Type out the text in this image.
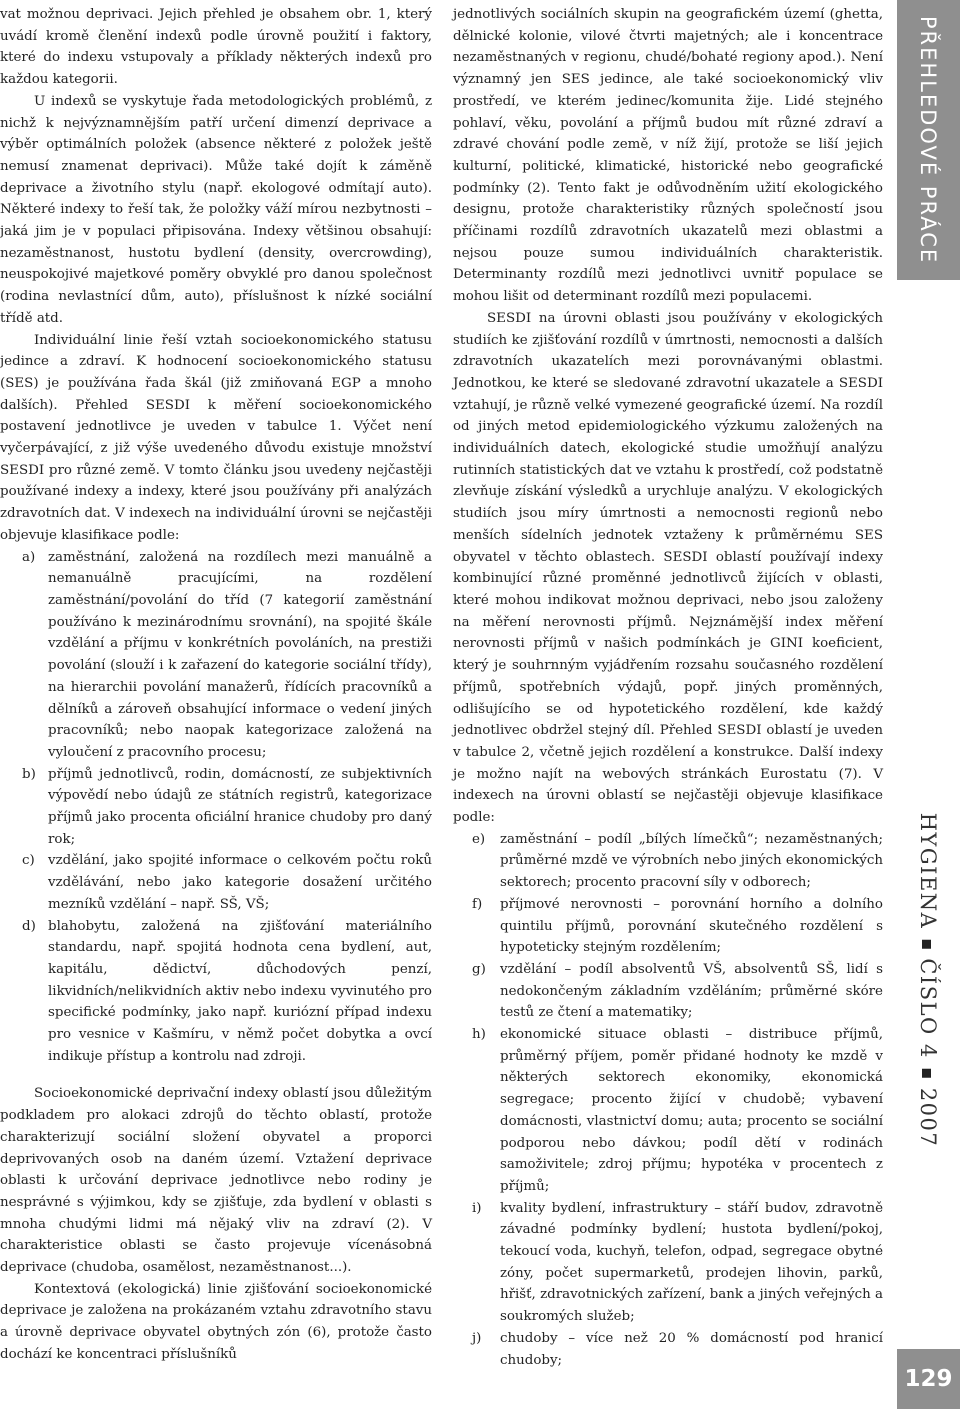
vat možnou deprivaci. Jejich přehled je obsahem obr. 1, který uvádí kromě členění indexů podle úrovně použití i faktory, které do indexu vstupovaly a příklady některých indexů pro každou kategorii.

U indexů se vyskytuje řada metodologických problémů, z nichž k nejvýznamnějším patří určení dimenzí deprivace a výběr optimálních položek (absence některé z položek ještě nemusí znamenat deprivaci). Může také dojít k záměně deprivace a životního stylu (např. ekologové odmítají auto). Některé indexy to řeší tak, že položky váží mírou nezbytnosti – jaká jim je v populaci připisována. Indexy většinou obsahují: nezaměstnanost, hustotu bydlení (density, overcrowding), neuspokojivé majetkové poměry obvyklé pro danou společnost (rodina nevlastnící dům, auto), příslušnost k nízké sociální třídě atd.

Individuální linie řeší vztah socioekonomického statusu jedince a zdraví. K hodnocení socioekonomického statusu (SES) je používána řada škál (již zmiňovaná EGP a mnoho dalších). Přehled SESDI k měření socioekonomického postavení jednotlivce je uveden v tabulce 1. Výčet není vyčerpávající, z již výše uvedeného důvodu existuje množství SESDI pro různé země. V tomto článku jsou uvedeny nejčastěji používané indexy a indexy, které jsou používány při analýzách zdravotních dat. V indexech na individuální úrovni se nejčastěji objevuje klasifikace podle:

a) zaměstnání, založená na rozdílech mezi manuálně a nemanuálně pracujícími, na rozdělení zaměstnání/povolání do tříd (7 kategorií zaměstnání používáno k mezinárodnímu srovnání), na spojité škále vzdělání a příjmu v konkrétních povoláních, na prestiži povolání (slouží i k zařazení do kategorie sociální třídy), na hierarchii povolání manažerů, řídících pracovníků a dělníků a zároveň obsahující informace o vedení jiných pracovníků; nebo naopak kategorizace založená na vyloučení z pracovního procesu;
b) příjmů jednotlivců, rodin, domácností, ze subjektivních výpovědí nebo údajů ze státních registrů, kategorizace příjmů jako procenta oficiální hranice chudoby pro daný rok;
c) vzdělání, jako spojité informace o celkovém počtu roků vzdělávání, nebo jako kategorie dosažení určitého mezníků vzdělání – např. SŠ, VŠ;
d) blahobytu, založená na zjišťování materiálního standardu, např. spojitá hodnota cena bydlení, aut, kapitálu, dědictví, důchodových penzí, likvidních/nelikvidních aktiv nebo indexu vyvinutého pro specifické podmínky, jako např. kuriózní případ indexu pro vesnice v Kašmíru, v němž počet dobytka a ovcí indikuje přístup a kontrolu nad zdroji.

Socioekonomické deprivační indexy oblastí jsou důležitým podkladem pro alokaci zdrojů do těchto oblastí, protože charakterizují sociální složení obyvatel a proporci deprivovaných osob na daném území. Vztažení deprivace oblasti k určování deprivace jednotlivce nebo rodiny je nesprávné s výjimkou, kdy se zjišťuje, zda bydlení v oblasti s mnoha chudými lidmi má nějaký vliv na zdraví (2). V charakteristice oblasti se často projevuje vícenásobná deprivace (chudoba, osamělost, nezaměstnanost...).

Kontextová (ekologická) linie zjišťování socioekonomické deprivace je založena na prokázaném vztahu zdravotního stavu a úrovně deprivace obyvatel obytných zón (6), protože často dochází ke koncentraci příslušníků

jednotlivých sociálních skupin na geografickém území (ghetta, dělnické kolonie, vilové čtvrti majetných; ale i koncentrace nezaměstnaných v regionu, chudé/bohaté regiony apod.). Není významný jen SES jedince, ale také socioekonomický vliv prostředí, ve kterém jedinec/komunita žije. Lidé stejného pohlaví, věku, povolání a příjmů budou mít různé zdraví a zdravé chování podle země, v níž žijí, protože se liší jejich kulturní, politické, klimatické, historické nebo geografické podmínky (2). Tento fakt je odůvodněním užití ekologického designu, protože charakteristiky různých společností jsou příčinami rozdílů zdravotních ukazatelů mezi oblastmi a nejsou pouze sumou individuálních charakteristik. Determinanty rozdílů mezi jednotlivci uvnitř populace se mohou lišit od determinant rozdílů mezi populacemi.

SESDI na úrovni oblasti jsou používány v ekologických studiích ke zjišťování rozdílů v úmrtnosti, nemocnosti a dalších zdravotních ukazatelích mezi porovnávanými oblastmi. Jednotkou, ke které se sledované zdravotní ukazatele a SESDI vztahují, je různě velké vymezené geografické území. Na rozdíl od jiných metod epidemiologického výzkumu založených na individuálních datech, ekologické studie umožňují analýzu rutinních statistických dat ve vztahu k prostředí, což podstatně zlevňuje získání výsledků a urychluje analýzu. V ekologických studiích jsou míry úmrtnosti a nemocnosti regionů nebo menších sídelních jednotek vztaženy k průměrnému SES obyvatel v těchto oblastech. SESDI oblastí používají indexy kombinující různé proměnné jednotlivců žijících v oblasti, které mohou indikovat možnou deprivaci, nebo jsou založeny na měření nerovnosti příjmů. Nejznámější index měření nerovnosti příjmů v našich podmínkách je GINI koeficient, který je souhrnným vyjádřením rozsahu současného rozdělení příjmů, spotřebních výdajů, popř. jiných proměnných, odlišujícího se od hypotetického rozdělení, kde každý jednotlivec obdržel stejný díl. Přehled SESDI oblastí je uveden v tabulce 2, včetně jejich rozdělení a konstrukce. Další indexy je možno najít na webových stránkách Eurostatu (7). V indexech na úrovni oblastí se nejčastěji objevuje klasifikace podle:

e) zaměstnání – podíl „bílých límečků“; nezaměstnaných; průměrné mzdě ve výrobních nebo jiných ekonomických sektorech; procento pracovní síly v odborech;
f) příjmové nerovnosti – porovnání horního a dolního quintilu příjmů, porovnání skutečného rozdělení s hypoteticky stejným rozdělením;
g) vzdělání – podíl absolventů VŠ, absolventů SŠ, lidí s nedokončeným základním vzděláním; průměrné skóre testů ze čtení a matematiky;
h) ekonomické situace oblasti – distribuce příjmů, průměrný příjem, poměr přidané hodnoty ke mzdě v některých sektorech ekonomiky, ekonomická segregace; procento žijící v chudobě; vybavení domácnosti, vlastnictví domu; auta; procento se sociální podporou nebo dávkou; podíl dětí v rodinách samoživitele; zdroj příjmu; hypotéka v procentech z příjmů;
i) kvality bydlení, infrastruktury – stáří budov, zdravotně závadné podmínky bydlení; hustota bydlení/pokoj, tekoucí voda, kuchyň, telefon, odpad, segregace obytné zóny, počet supermarketů, prodejen lihovin, parků, hřišť, zdravotnických zařízení, bank a jiných veřejných a soukromých služeb;
j) chudoby – více než 20 % domácností pod hranicí chudoby;
PŘEHLEDOVÉ PRÁCE
HYGIENAČÍSLO 42007
129
